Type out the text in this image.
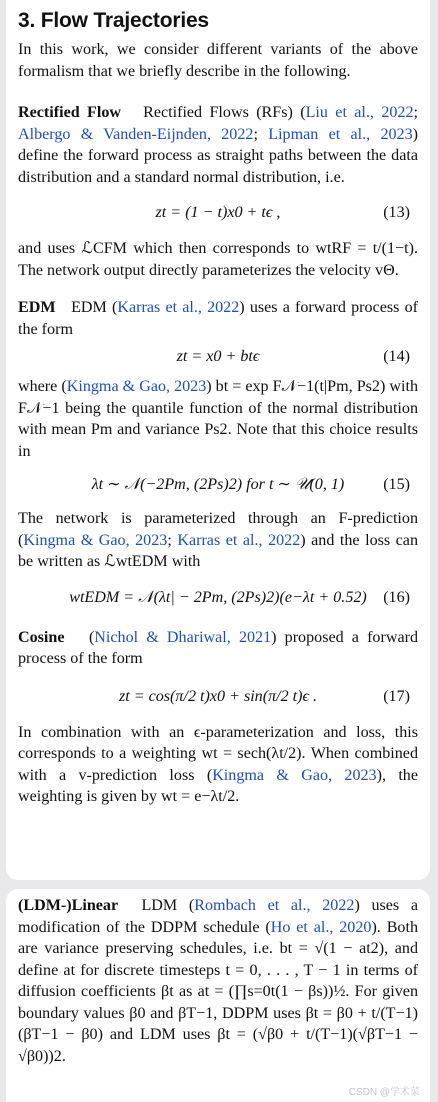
3. Flow Trajectories

In this work, we consider different variants of the above formalism that we briefly describe in the following.

Rectified Flow Rectified Flows (RFs) (Liu et al., 2022; Albergo & Vanden-Eijnden, 2022; Lipman et al., 2023) define the forward process as straight paths between the data distribution and a standard normal distribution, i.e.

zt = (1 − t)x0 + tϵ ,	(13)

and uses ℒCFM which then corresponds to wtRF = t/(1−t). The network output directly parameterizes the velocity vΘ.

EDM EDM (Karras et al., 2022) uses a forward process of the form

zt = x0 + btϵ	(14)

where (Kingma & Gao, 2023) bt = exp F𝒩−1(t|Pm, Ps2) with F𝒩−1 being the quantile function of the normal distribution with mean Pm and variance Ps2. Note that this choice results in

λt ∼ 𝒩(−2Pm, (2Ps)2) for t ∼ 𝒰(0, 1) (15)

The network is parameterized through an F-prediction (Kingma & Gao, 2023; Karras et al., 2022) and the loss can be written as ℒwtEDM with

wtEDM = 𝒩(λt| − 2Pm, (2Ps)2)(e−λt + 0.52) (16)

Cosine (Nichol & Dhariwal, 2021) proposed a forward process of the form

zt = cos(π/2 t)x0 + sin(π/2 t)ϵ .	(17)

In combination with an ϵ-parameterization and loss, this corresponds to a weighting wt = sech(λt/2). When combined with a v-prediction loss (Kingma & Gao, 2023), the weighting is given by wt = e−λt/2.

(LDM-)Linear LDM (Rombach et al., 2022) uses a modification of the DDPM schedule (Ho et al., 2020). Both are variance preserving schedules, i.e. bt = √(1 − at2), and define at for discrete timesteps t = 0, . . . , T − 1 in terms of diffusion coefficients βt as at = (∏s=0t(1 − βs))½. For given boundary values β0 and βT−1, DDPM uses βt = β0 + t/(T−1)(βT−1 − β0) and LDM uses βt = (√β0 + t/(T−1)(√βT−1 − √β0))2.

CSDN @学术菜
